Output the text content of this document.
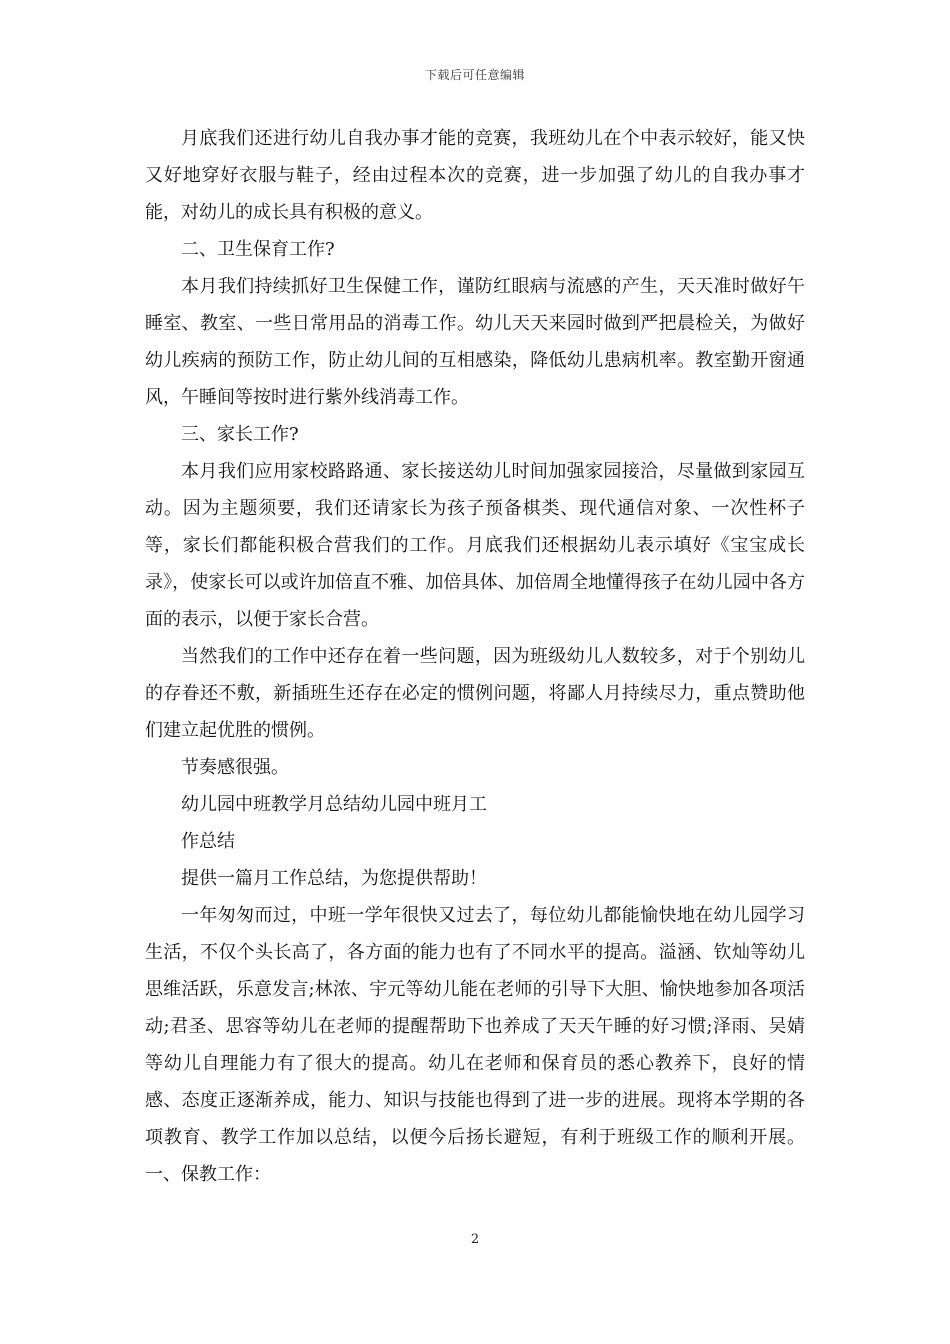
下载后可任意编辑

月底我们还进行幼儿自我办事才能的竞赛，我班幼儿在个中表示较好，能又快又好地穿好衣服与鞋子，经由过程本次的竞赛，进一步加强了幼儿的自我办事才能，对幼儿的成长具有积极的意义。

二、卫生保育工作?

本月我们持续抓好卫生保健工作，谨防红眼病与流感的产生，天天准时做好午睡室、教室、一些日常用品的消毒工作。幼儿天天来园时做到严把晨检关，为做好幼儿疾病的预防工作，防止幼儿间的互相感染，降低幼儿患病机率。教室勤开窗通风，午睡间等按时进行紫外线消毒工作。

三、家长工作?

本月我们应用家校路路通、家长接送幼儿时间加强家园接洽，尽量做到家园互动。因为主题须要，我们还请家长为孩子预备棋类、现代通信对象、一次性杯子等，家长们都能积极合营我们的工作。月底我们还根据幼儿表示填好《宝宝成长录》，使家长可以或许加倍直不雅、加倍具体、加倍周全地懂得孩子在幼儿园中各方面的表示，以便于家长合营。

当然我们的工作中还存在着一些问题，因为班级幼儿人数较多，对于个别幼儿的存眷还不敷，新插班生还存在必定的惯例问题，将鄙人月持续尽力，重点赞助他们建立起优胜的惯例。

节奏感很强。

幼儿园中班教学月总结幼儿园中班月工

作总结

提供一篇月工作总结，为您提供帮助！

一年匆匆而过，中班一学年很快又过去了，每位幼儿都能愉快地在幼儿园学习生活，不仅个头长高了，各方面的能力也有了不同水平的提高。溢涵、钦灿等幼儿思维活跃，乐意发言;林浓、宇元等幼儿能在老师的引导下大胆、愉快地参加各项活动;君圣、思容等幼儿在老师的提醒帮助下也养成了天天午睡的好习惯;泽雨、吴婧等幼儿自理能力有了很大的提高。幼儿在老师和保育员的悉心教养下，良好的情感、态度正逐渐养成，能力、知识与技能也得到了进一步的进展。现将本学期的各项教育、教学工作加以总结，以便今后扬长避短，有利于班级工作的顺利开展。一、保教工作：

2
